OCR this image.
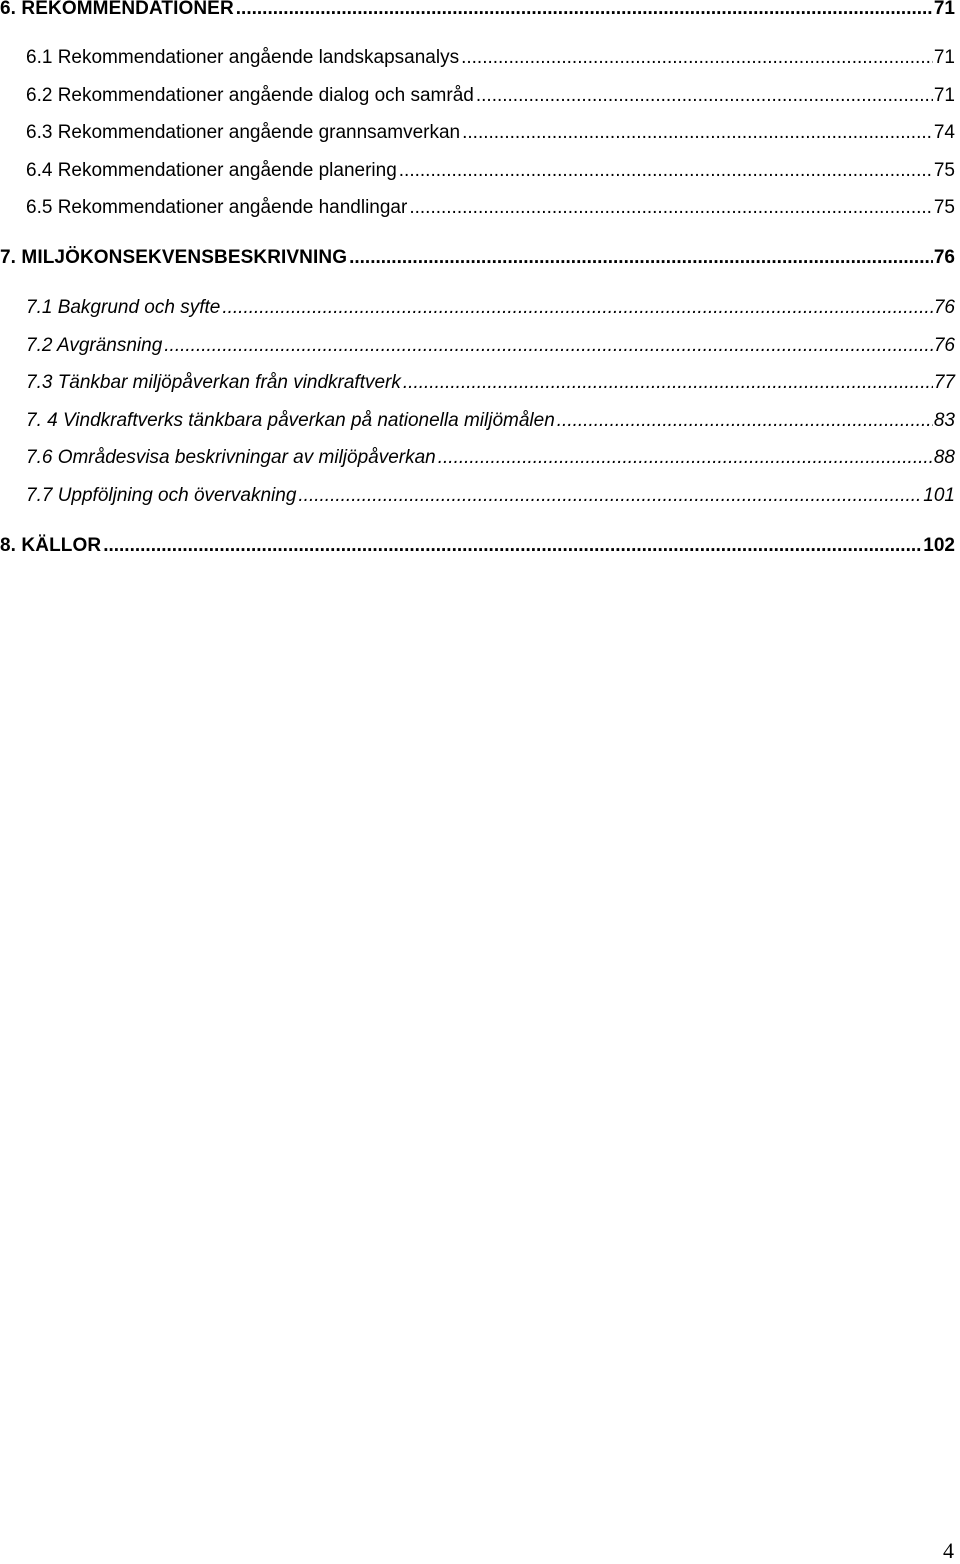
6. REKOMMENDATIONER .....	71
6.1 Rekommendationer angående landskapsanalys .....	71
6.2 Rekommendationer angående dialog och samråd .....	71
6.3 Rekommendationer angående grannsamverkan .....	74
6.4 Rekommendationer angående planering .....	75
6.5 Rekommendationer angående handlingar .....	75
7. MILJÖKONSEKVENSBESKRIVNING .....	76
7.1 Bakgrund och syfte .....	76
7.2 Avgränsning .....	76
7.3 Tänkbar miljöpåverkan från vindkraftverk .....	77
7. 4 Vindkraftverks tänkbara påverkan på nationella miljömålen .....	83
7.6 Områdesvisa beskrivningar av miljöpåverkan .....	88
7.7 Uppföljning och övervakning .....	101
8. KÄLLOR .....	102
4
